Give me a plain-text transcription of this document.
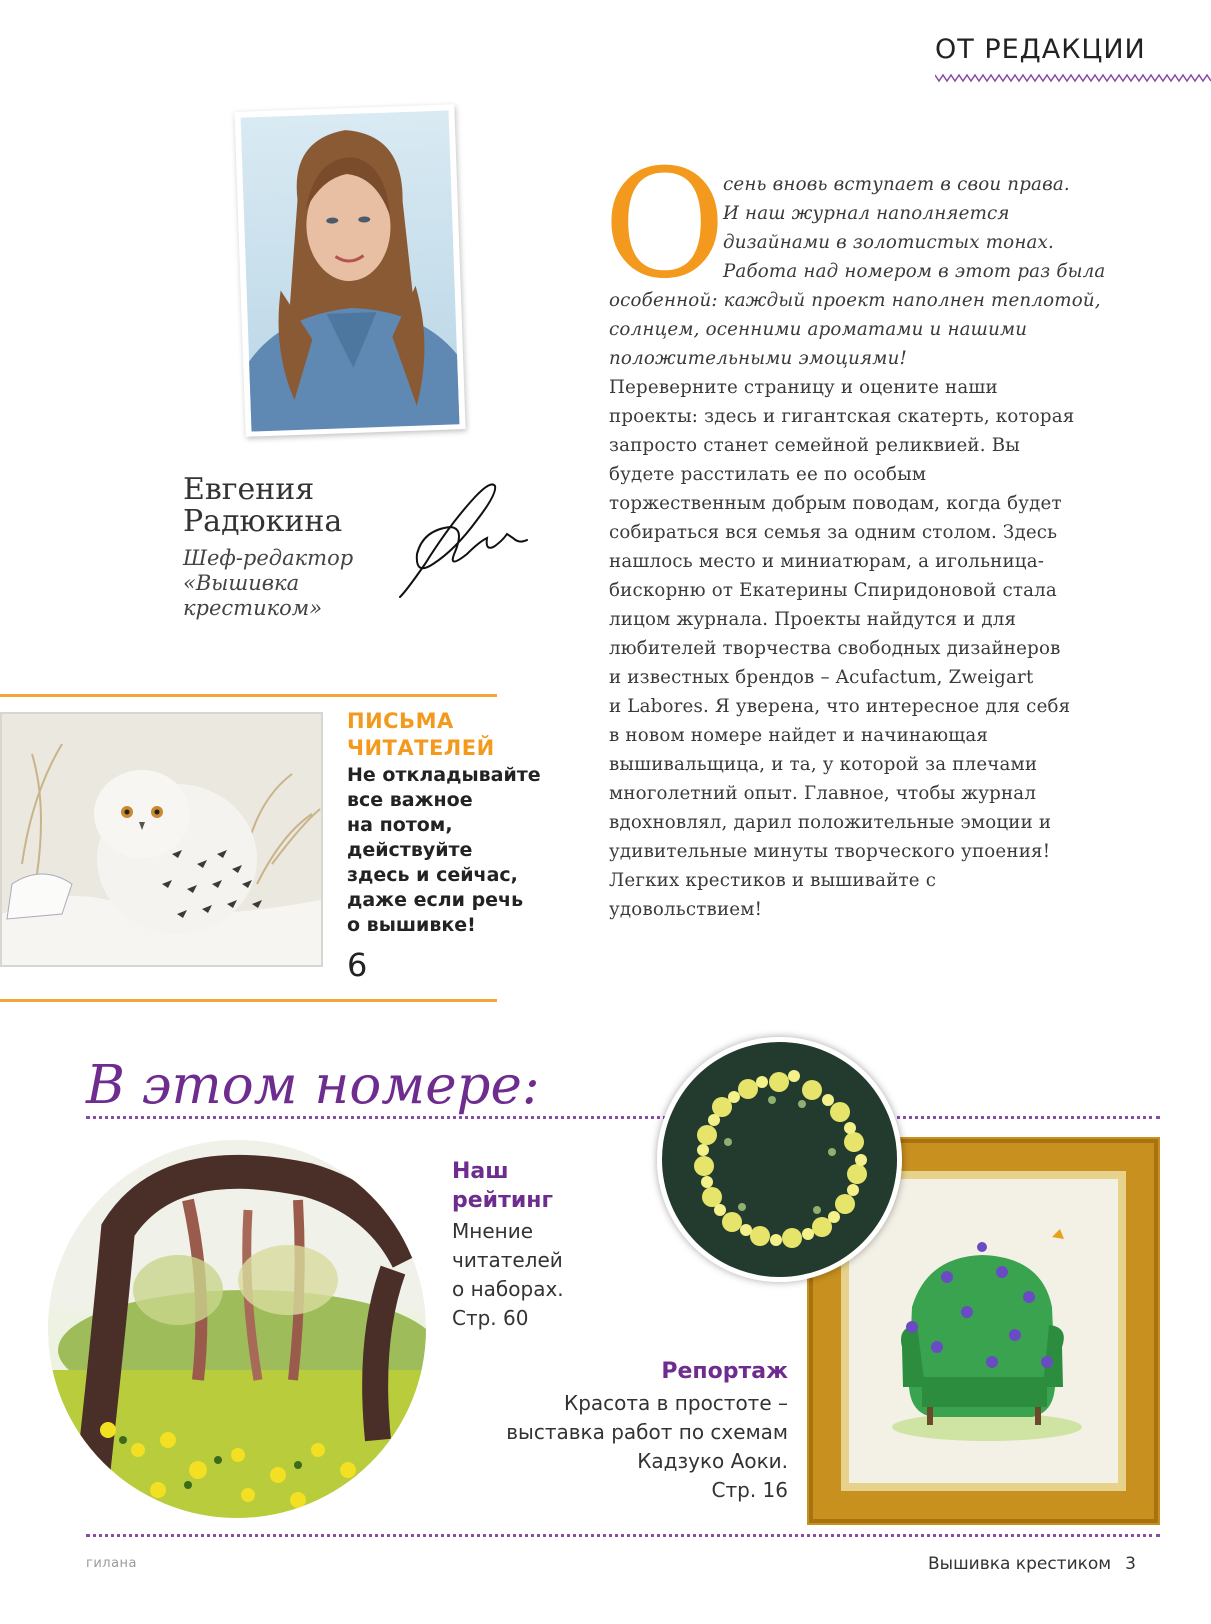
ОТ РЕДАКЦИИ
Евгения
Радюкина
Шеф-редактор
«Вышивка
крестиком»
О
сень вновь вступает в свои права.
И наш журнал наполняется
дизайнами в золотистых тонах.
Работа над номером в этот раз была
особенной: каждый проект наполнен теплотой,
солнцем, осенними ароматами и нашими
положительными эмоциями!
Переверните страницу и оцените наши
проекты: здесь и гигантская скатерть, которая
запросто станет семейной реликвией. Вы
будете расстилать ее по особым
торжественным добрым поводам, когда будет
собираться вся семья за одним столом. Здесь
нашлось место и миниатюрам, а игольница-
бискорню от Екатерины Спиридоновой стала
лицом журнала. Проекты найдутся и для
любителей творчества свободных дизайнеров
и известных брендов – Acufactum, Zweigart
и Labores. Я уверена, что интересное для себя
в новом номере найдет и начинающая
вышивальщица, и та, у которой за плечами
многолетний опыт. Главное, чтобы журнал
вдохновлял, дарил положительные эмоции и
удивительные минуты творческого упоения!
Легких крестиков и вышивайте с
удовольствием!
ПИСЬМА
ЧИТАТЕЛЕЙ
Не откладывайте
все важное
на потом,
действуйте
здесь и сейчас,
даже если речь
о вышивке!
6
В этом номере:
Наш
рейтинг
Мнение
читателей
о наборах.
Стр. 60
Репортаж
Красота в простоте –
выставка работ по схемам
Кадзуко Аоки.
Стр. 16
гилана	Вышивка крестиком 3
